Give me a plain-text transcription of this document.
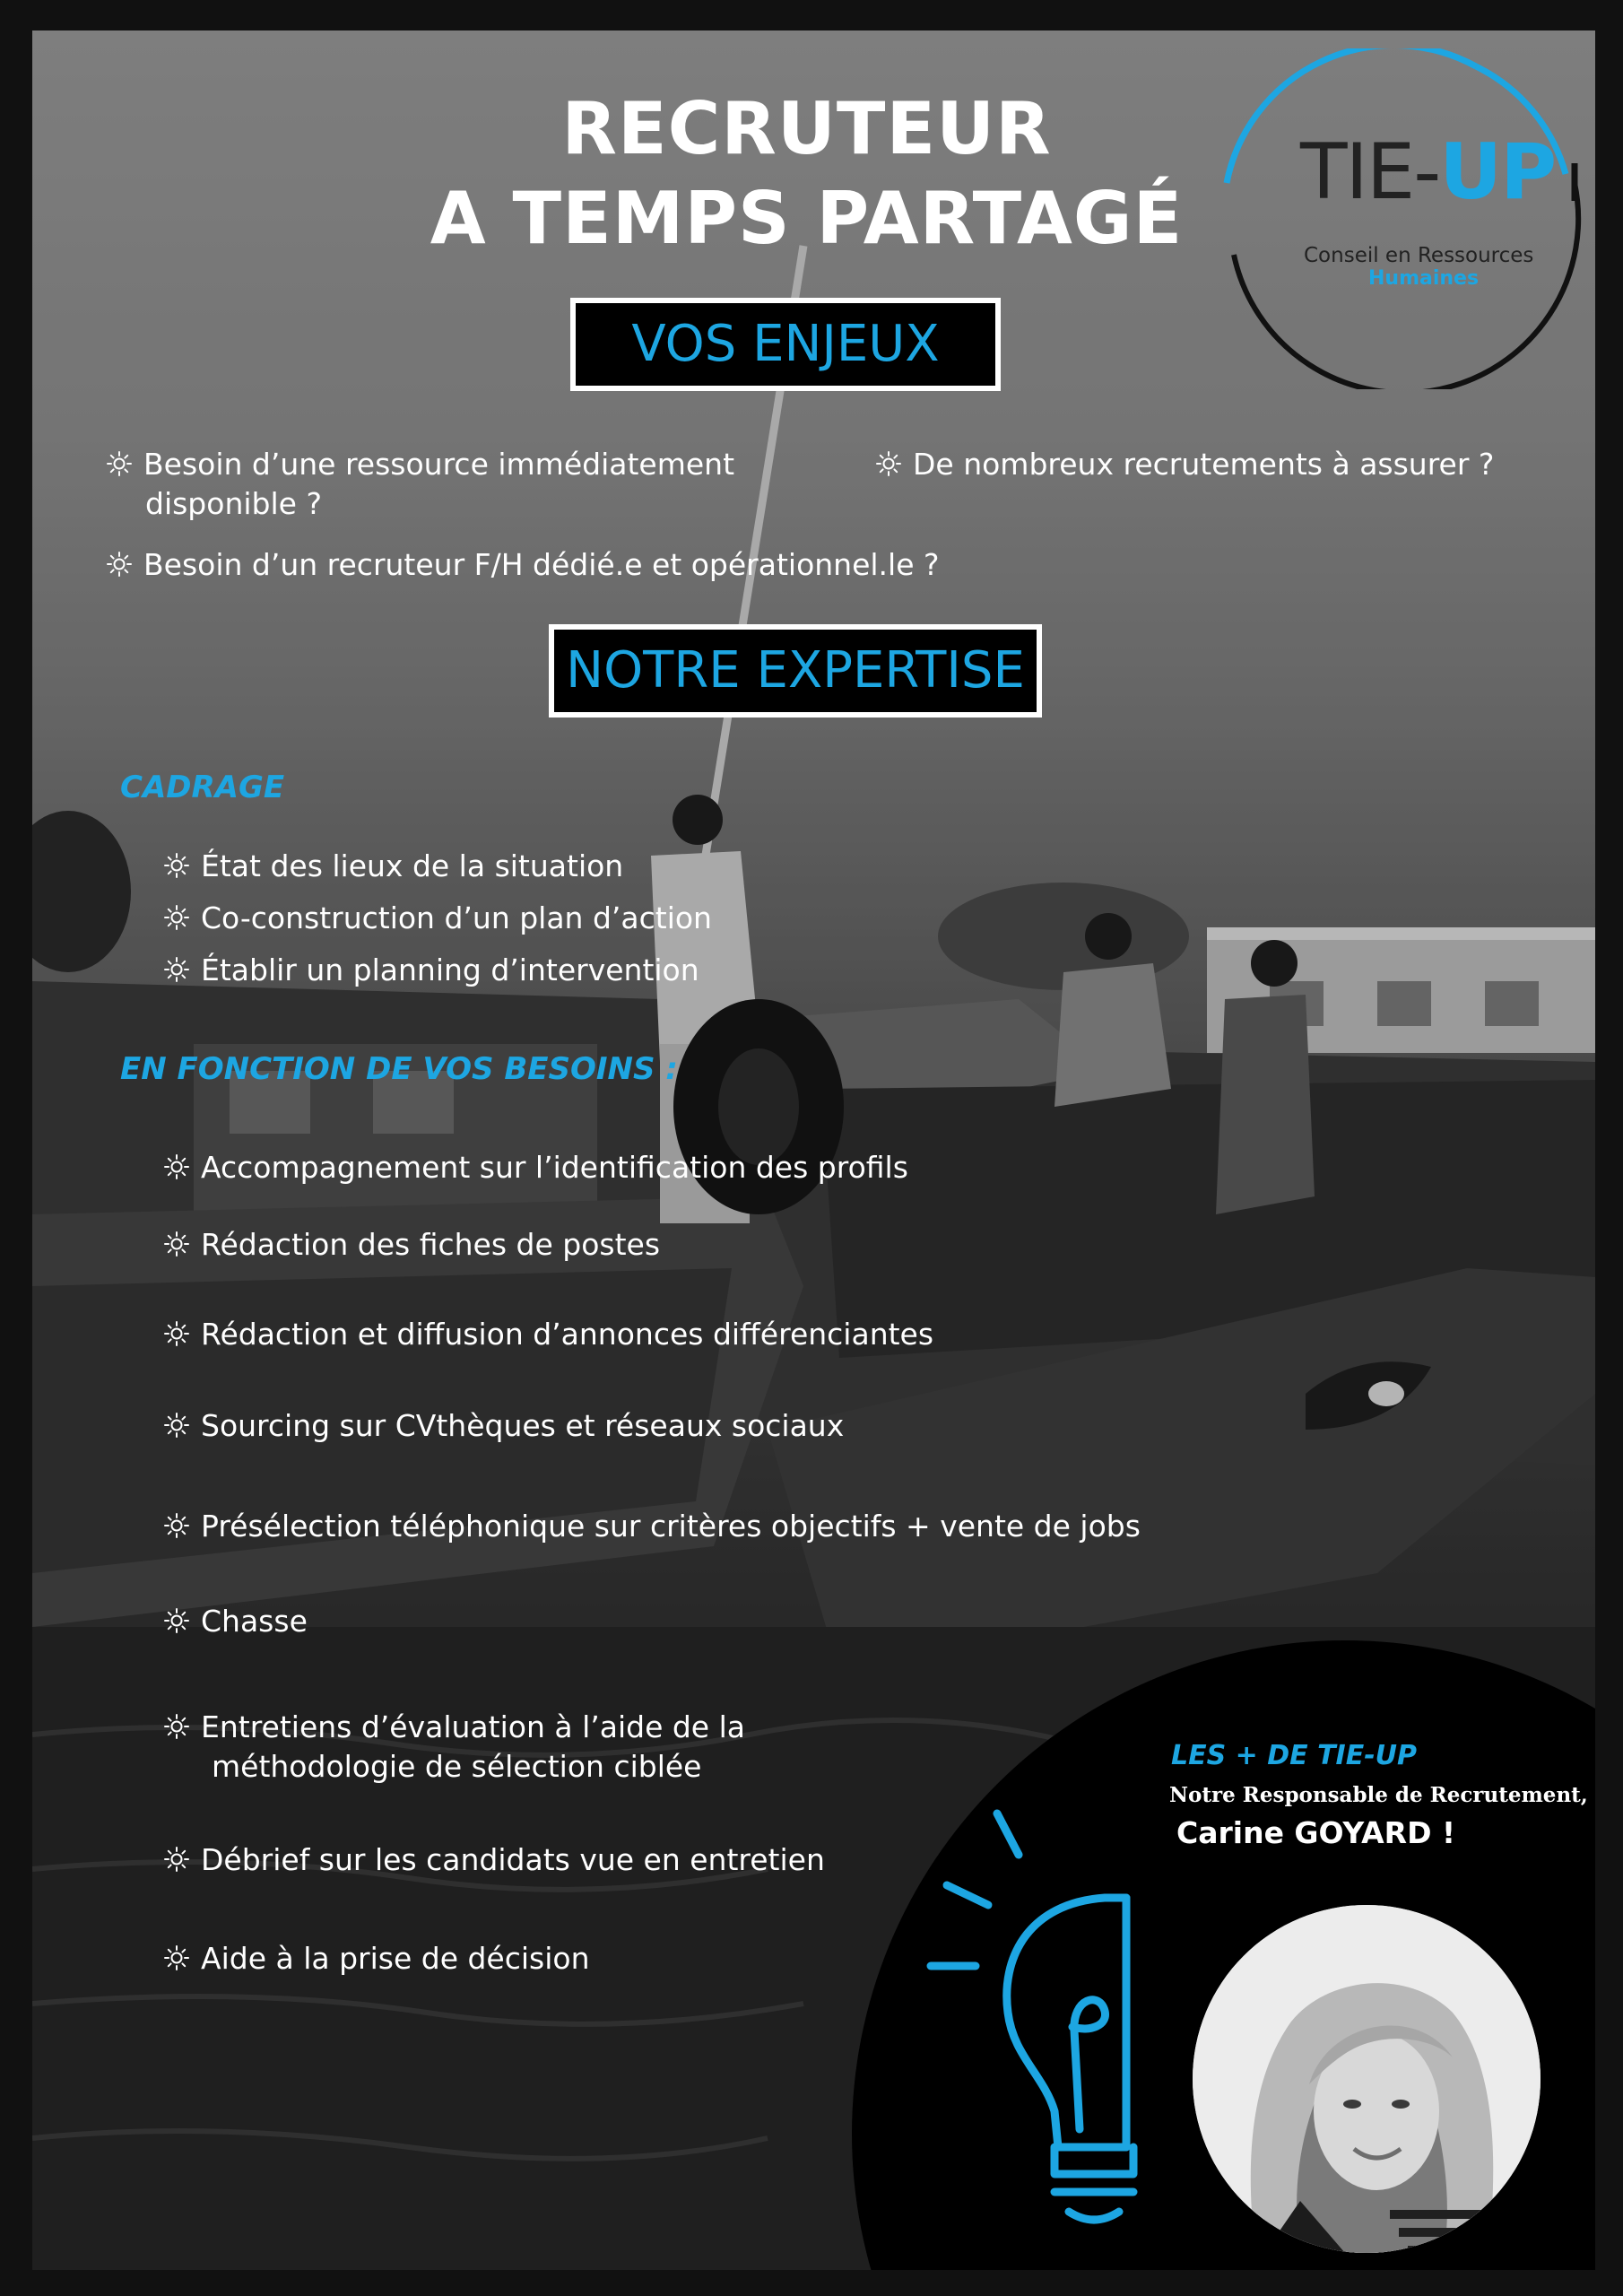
RECRUTEUR
A TEMPS PARTAGÉ
TIE-UP
Conseil en Ressources
Humaines
VOS ENJEUX
Besoin d’une ressource immédiatement
disponible ?
De nombreux recrutements à assurer ?
Besoin d’un recruteur F/H dédié.e et opérationnel.le ?
NOTRE EXPERTISE
CADRAGE
État des lieux de la situation
Co-construction d’un plan d’action
Établir un planning d’intervention
EN FONCTION DE VOS BESOINS :
Accompagnement sur l’identification des profils
Rédaction des fiches de postes
Rédaction et diffusion d’annonces différenciantes
Sourcing sur CVthèques et réseaux sociaux
Présélection téléphonique sur critères objectifs + vente de jobs
Chasse
Entretiens d’évaluation à l’aide de la
méthodologie de sélection ciblée
Débrief sur les candidats vue en entretien
Aide à la prise de décision
LES + DE TIE-UP
Notre Responsable de Recrutement,
Carine GOYARD !
